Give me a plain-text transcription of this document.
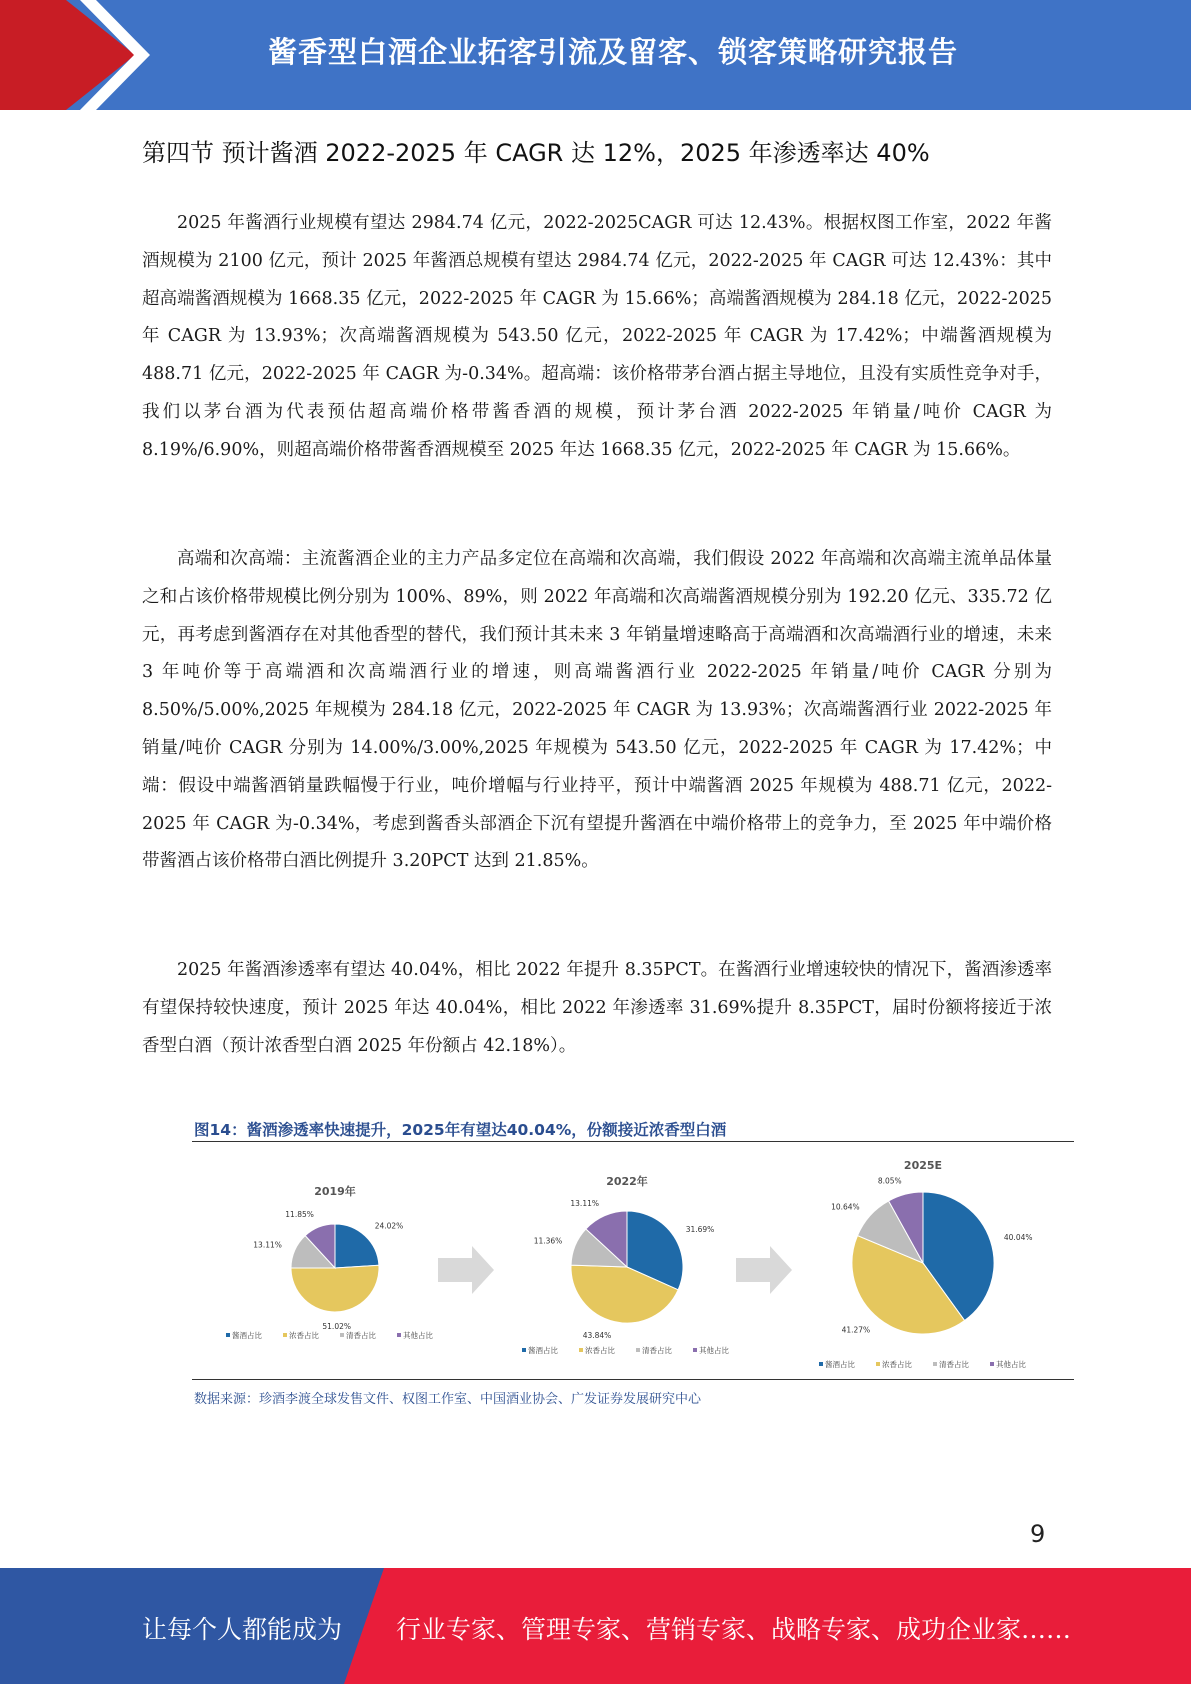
酱香型白酒企业拓客引流及留客、锁客策略研究报告
第四节 预计酱酒 2022-2025 年 CAGR 达 12%，2025 年渗透率达 40%

2025 年酱酒行业规模有望达 2984.74 亿元，2022-2025CAGR 可达 12.43%。根据权图工作室，2022 年酱酒规模为 2100 亿元，预计 2025 年酱酒总规模有望达 2984.74 亿元，2022-2025 年 CAGR 可达 12.43%：其中超高端酱酒规模为 1668.35 亿元，2022-2025 年 CAGR 为 15.66%；高端酱酒规模为 284.18 亿元，2022-2025 年 CAGR 为 13.93%；次高端酱酒规模为 543.50 亿元，2022-2025 年 CAGR 为 17.42%；中端酱酒规模为 488.71 亿元，2022-2025 年 CAGR 为-0.34%。超高端：该价格带茅台酒占据主导地位，且没有实质性竞争对手，我们以茅台酒为代表预估超高端价格带酱香酒的规模，预计茅台酒 2022-2025 年销量/吨价 CAGR 为 8.19%/6.90%，则超高端价格带酱香酒规模至 2025 年达 1668.35 亿元，2022-2025 年 CAGR 为 15.66%。

高端和次高端：主流酱酒企业的主力产品多定位在高端和次高端，我们假设 2022 年高端和次高端主流单品体量之和占该价格带规模比例分别为 100%、89%，则 2022 年高端和次高端酱酒规模分别为 192.20 亿元、335.72 亿元，再考虑到酱酒存在对其他香型的替代，我们预计其未来 3 年销量增速略高于高端酒和次高端酒行业的增速，未来 3 年吨价等于高端酒和次高端酒行业的增速，则高端酱酒行业 2022-2025 年销量/吨价 CAGR 分别为 8.50%/5.00%,2025 年规模为 284.18 亿元，2022-2025 年 CAGR 为 13.93%；次高端酱酒行业 2022-2025 年销量/吨价 CAGR 分别为 14.00%/3.00%,2025 年规模为 543.50 亿元，2022-2025 年 CAGR 为 17.42%；中端：假设中端酱酒销量跌幅慢于行业，吨价增幅与行业持平，预计中端酱酒 2025 年规模为 488.71 亿元，2022-2025 年 CAGR 为-0.34%，考虑到酱香头部酒企下沉有望提升酱酒在中端价格带上的竞争力，至 2025 年中端价格带酱酒占该价格带白酒比例提升 3.20PCT 达到 21.85%。

2025 年酱酒渗透率有望达 40.04%，相比 2022 年提升 8.35PCT。在酱酒行业增速较快的情况下，酱酒渗透率有望保持较快速度，预计 2025 年达 40.04%，相比 2022 年渗透率 31.69%提升 8.35PCT，届时份额将接近于浓香型白酒（预计浓香型白酒 2025 年份额占 42.18%）。

图14：酱酒渗透率快速提升，2025年有望达40.04%，份额接近浓香型白酒
24.02%
51.02%
13.11%
11.85%
2019年
酱酒占比	浓香占比	清香占比	其他占比
31.69%
43.84%
11.36%
13.11%
2022年
酱酒占比	浓香占比	清香占比	其他占比
40.04%
41.27%
10.64%
8.05%
2025E
酱酒占比	浓香占比	清香占比	其他占比
数据来源：珍酒李渡全球发售文件、权图工作室、中国酒业协会、广发证券发展研究中心
9
让每个人都能成为 行业专家、管理专家、营销专家、战略专家、成功企业家……
